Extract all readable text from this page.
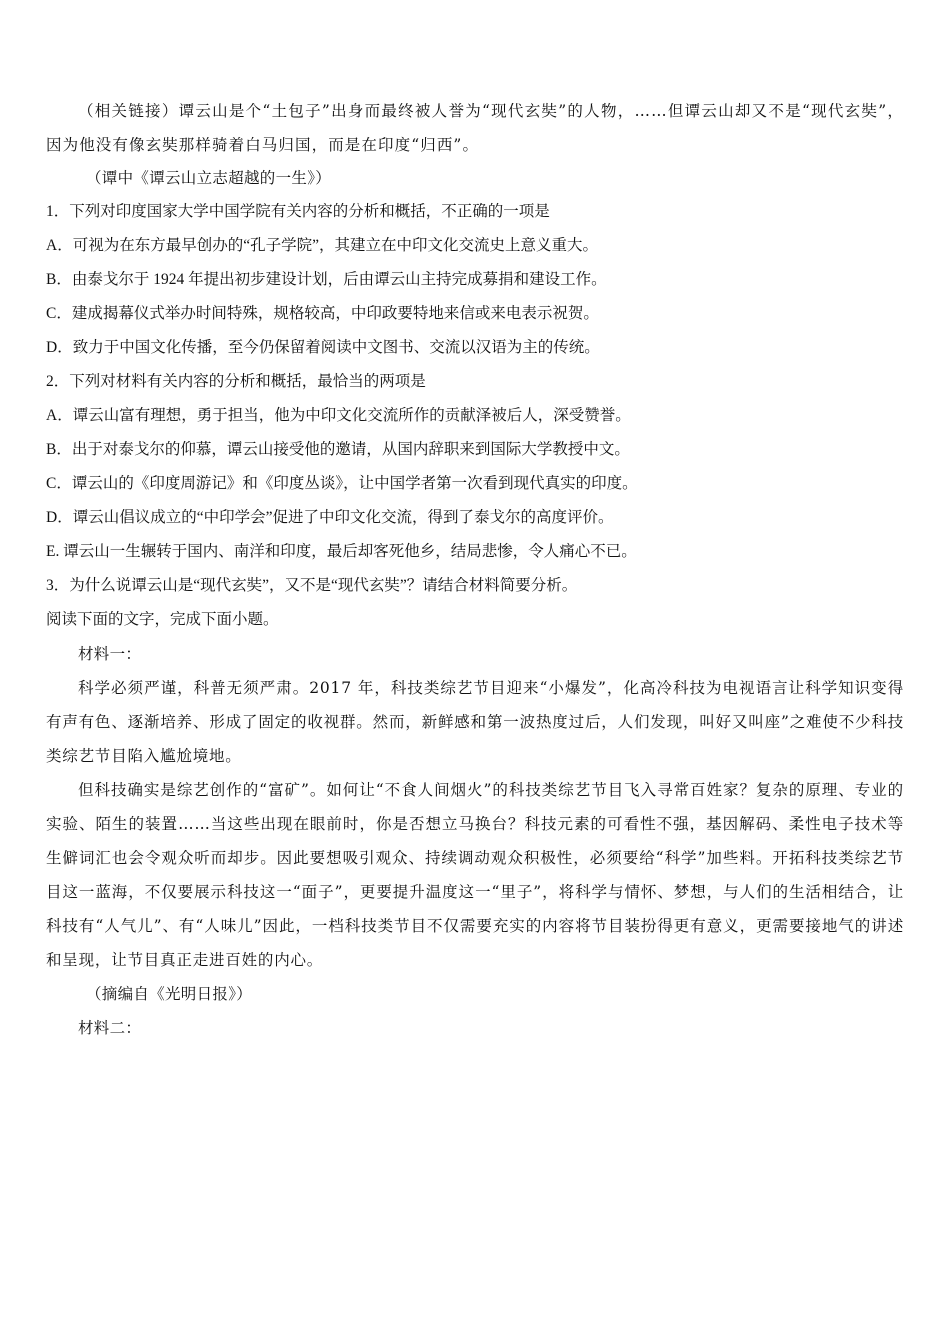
（相关链接）谭云山是个“土包子”出身而最终被人誉为“现代玄奘”的人物，……但谭云山却又不是“现代玄奘”，因为他没有像玄奘那样骑着白马归国，而是在印度“归西”。

（谭中《谭云山立志超越的一生》）

1．下列对印度国家大学中国学院有关内容的分析和概括，不正确的一项是

A．可视为在东方最早创办的“孔子学院”，其建立在中印文化交流史上意义重大。

B．由泰戈尔于 1924 年提出初步建设计划，后由谭云山主持完成募捐和建设工作。

C．建成揭幕仪式举办时间特殊，规格较高，中印政要特地来信或来电表示祝贺。

D．致力于中国文化传播，至今仍保留着阅读中文图书、交流以汉语为主的传统。

2．下列对材料有关内容的分析和概括，最恰当的两项是

A．谭云山富有理想，勇于担当，他为中印文化交流所作的贡献泽被后人，深受赞誉。

B．出于对泰戈尔的仰慕，谭云山接受他的邀请，从国内辞职来到国际大学教授中文。

C．谭云山的《印度周游记》和《印度丛谈》，让中国学者第一次看到现代真实的印度。

D．谭云山倡议成立的“中印学会”促进了中印文化交流，得到了泰戈尔的高度评价。

E. 谭云山一生辗转于国内、南洋和印度，最后却客死他乡，结局悲惨，令人痛心不已。

3．为什么说谭云山是“现代玄奘”，又不是“现代玄奘”？请结合材料简要分析。

阅读下面的文字，完成下面小题。

材料一：

科学必须严谨，科普无须严肃。2017 年，科技类综艺节目迎来“小爆发”，化高冷科技为电视语言让科学知识变得有声有色、逐渐培养、形成了固定的收视群。然而，新鲜感和第一波热度过后，人们发现，叫好又叫座”之难使不少科技类综艺节目陷入尴尬境地。

但科技确实是综艺创作的“富矿”。如何让“不食人间烟火”的科技类综艺节目飞入寻常百姓家？复杂的原理、专业的实验、陌生的装置……当这些出现在眼前时，你是否想立马换台？科技元素的可看性不强，基因解码、柔性电子技术等生僻词汇也会令观众听而却步。因此要想吸引观众、持续调动观众积极性，必须要给“科学”加些料。开拓科技类综艺节目这一蓝海，不仅要展示科技这一“面子”，更要提升温度这一“里子”，将科学与情怀、梦想，与人们的生活相结合，让科技有“人气儿”、有“人味儿”因此，一档科技类节目不仅需要充实的内容将节目装扮得更有意义，更需要接地气的讲述和呈现，让节目真正走进百姓的内心。

（摘编自《光明日报》）

材料二：
